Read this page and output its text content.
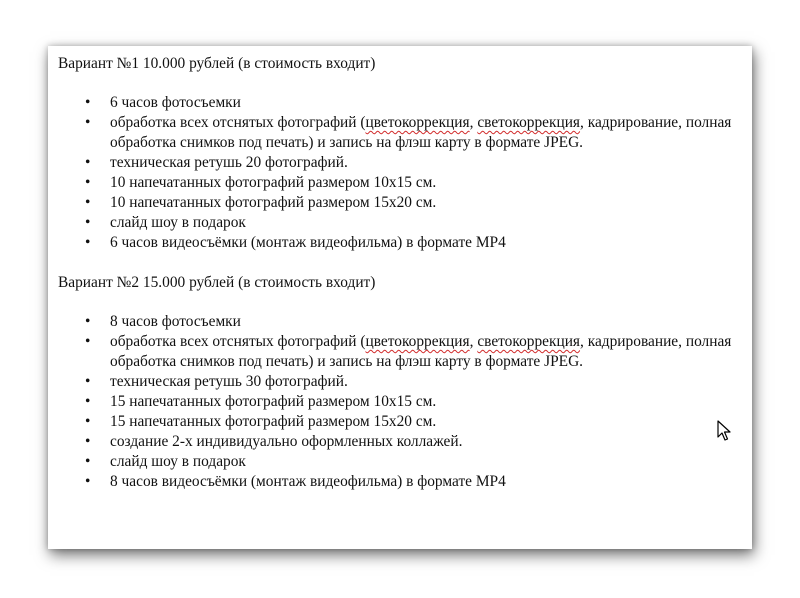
Вариант №1 10.000 рублей (в стоимость входит)

• 6 часов фотосъемки
• обработка всех отснятых фотографий (цветокоррекция, светокоррекция, кадрирование, полная обработка снимков под печать) и запись на флэш карту в формате JPEG.
• техническая ретушь 20 фотографий.
• 10 напечатанных фотографий размером 10х15 см.
• 10 напечатанных фотографий размером 15х20 см.
• слайд шоу в подарок
• 6 часов видеосъёмки (монтаж видеофильма) в формате MP4

Вариант №2 15.000 рублей (в стоимость входит)

• 8 часов фотосъемки
• обработка всех отснятых фотографий (цветокоррекция, светокоррекция, кадрирование, полная обработка снимков под печать) и запись на флэш карту в формате JPEG.
• техническая ретушь 30 фотографий.
• 15 напечатанных фотографий размером 10х15 см.
• 15 напечатанных фотографий размером 15х20 см.
• создание 2-х индивидуально оформленных коллажей.
• слайд шоу в подарок
• 8 часов видеосъёмки (монтаж видеофильма) в формате MP4
